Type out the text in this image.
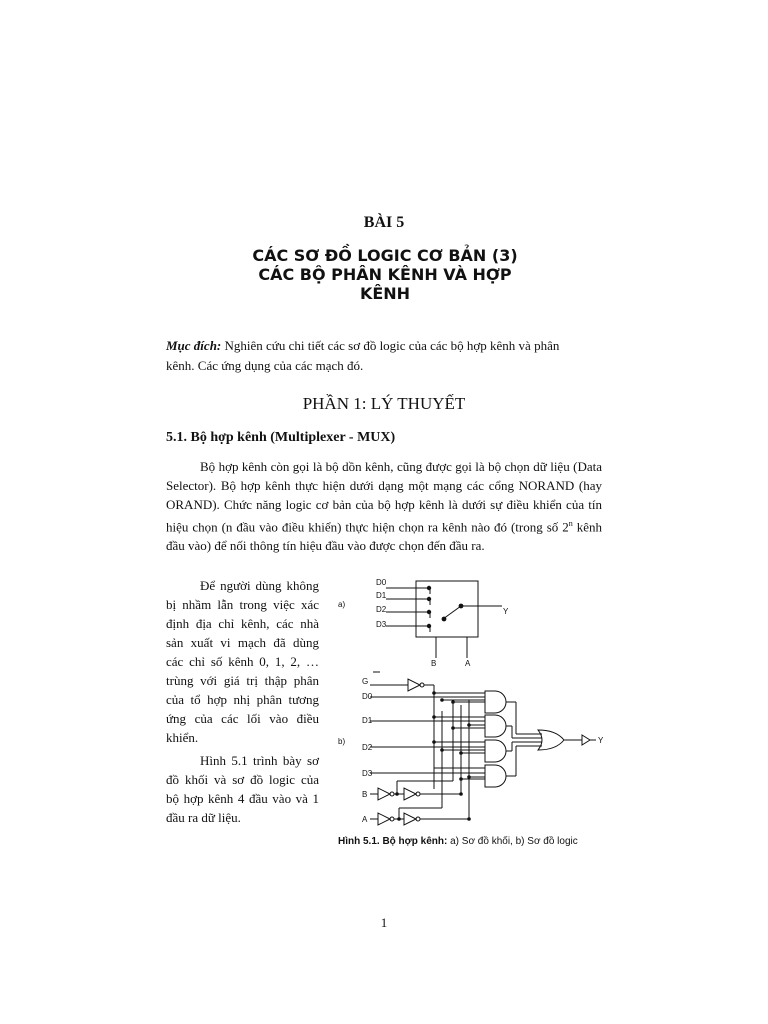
BÀI 5
CÁC SƠ ĐỒ LOGIC CƠ BẢN (3)
CÁC BỘ PHÂN KÊNH VÀ HỢP
KÊNH
Mục đích: Nghiên cứu chi tiết các sơ đồ logic của các bộ hợp kênh và phân kênh. Các ứng dụng của các mạch đó.
PHẦN 1: LÝ THUYẾT
5.1. Bộ hợp kênh (Multiplexer - MUX)
Bộ hợp kênh còn gọi là bộ dồn kênh, cũng được gọi là bộ chọn dữ liệu (Data Selector). Bộ hợp kênh thực hiện dưới dạng một mạng các cổng NORAND (hay ORAND). Chức năng logic cơ bản của bộ hợp kênh là dưới sự điều khiển của tín hiệu chọn (n đầu vào điều khiển) thực hiện chọn ra kênh nào đó (trong số 2$^n$ kênh đầu vào) để nối thông tín hiệu đầu vào được chọn đến đầu ra.

Để người dùng không bị nhầm lẫn trong việc xác định địa chỉ kênh, các nhà sản xuất vi mạch đã dùng các chỉ số kênh 0, 1, 2, … trùng với giá trị thập phân của tổ hợp nhị phân tương ứng của các lối vào điều khiển.

Hình 5.1 trình bày sơ đồ khối và sơ đồ logic của bộ hợp kênh 4 đầu vào và 1 đầu ra dữ liệu.

a)
D0
D1
D2
D3
Y
B	A
b)
G
D0
D1
D2
D3
B
A
Y
Hình 5.1. Bộ hợp kênh: a) Sơ đồ khối, b) Sơ đồ logic
1
